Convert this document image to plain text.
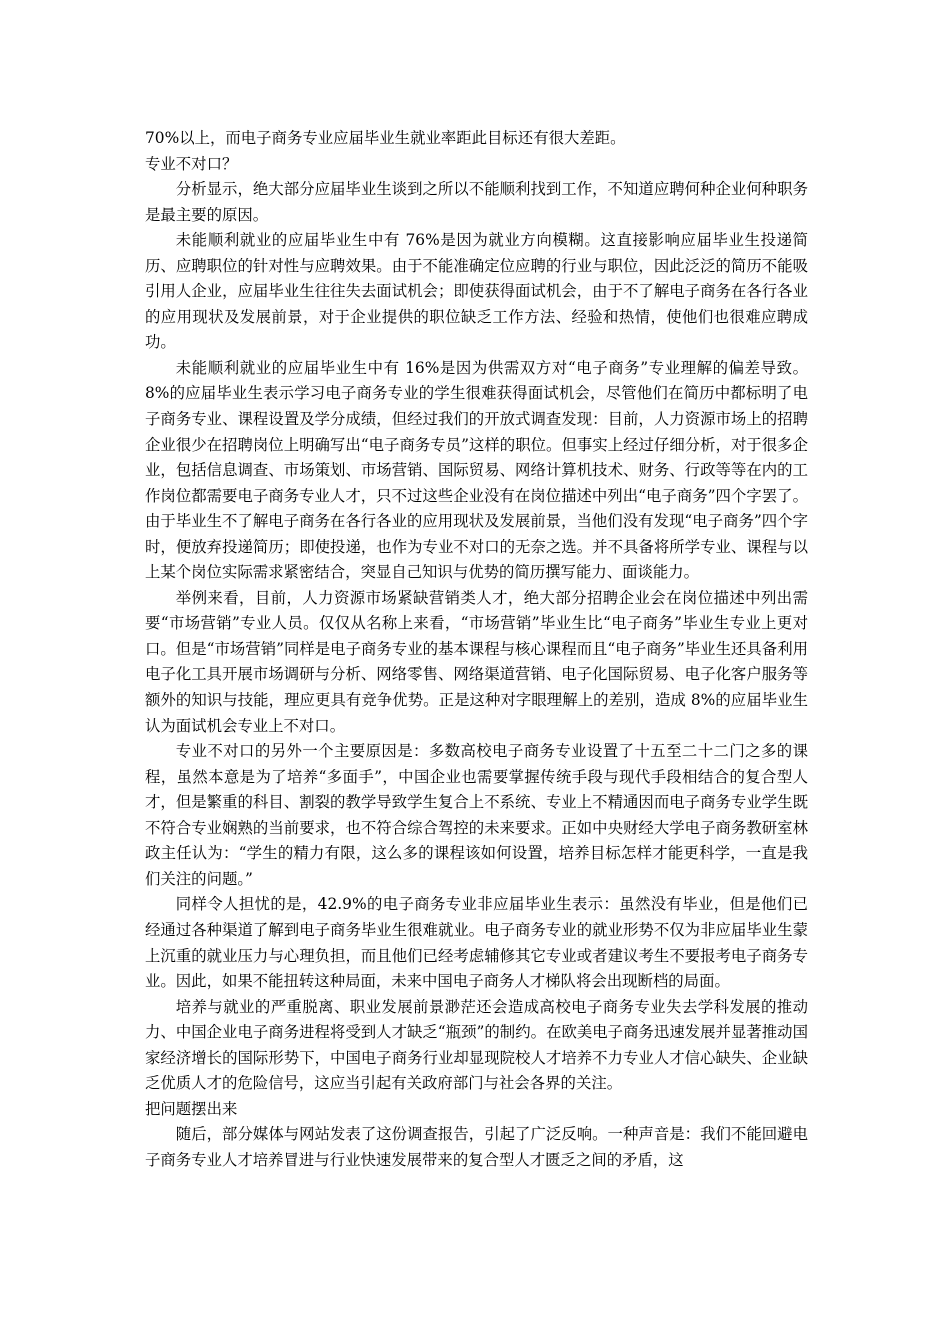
70%以上，而电子商务专业应届毕业生就业率距此目标还有很大差距。

专业不对口？

分析显示，绝大部分应届毕业生谈到之所以不能顺利找到工作，不知道应聘何种企业何种职务是最主要的原因。

未能顺利就业的应届毕业生中有 76%是因为就业方向模糊。这直接影响应届毕业生投递简历、应聘职位的针对性与应聘效果。由于不能准确定位应聘的行业与职位，因此泛泛的简历不能吸引用人企业，应届毕业生往往失去面试机会；即使获得面试机会，由于不了解电子商务在各行各业的应用现状及发展前景，对于企业提供的职位缺乏工作方法、经验和热情，使他们也很难应聘成功。

未能顺利就业的应届毕业生中有 16%是因为供需双方对“电子商务”专业理解的偏差导致。8%的应届毕业生表示学习电子商务专业的学生很难获得面试机会，尽管他们在简历中都标明了电子商务专业、课程设置及学分成绩，但经过我们的开放式调查发现：目前，人力资源市场上的招聘企业很少在招聘岗位上明确写出“电子商务专员”这样的职位。但事实上经过仔细分析，对于很多企业，包括信息调查、市场策划、市场营销、国际贸易、网络计算机技术、财务、行政等等在内的工作岗位都需要电子商务专业人才，只不过这些企业没有在岗位描述中列出“电子商务”四个字罢了。由于毕业生不了解电子商务在各行各业的应用现状及发展前景，当他们没有发现“电子商务”四个字时，便放弃投递简历；即使投递，也作为专业不对口的无奈之选。并不具备将所学专业、课程与以上某个岗位实际需求紧密结合，突显自己知识与优势的简历撰写能力、面谈能力。

举例来看，目前，人力资源市场紧缺营销类人才，绝大部分招聘企业会在岗位描述中列出需要“市场营销”专业人员。仅仅从名称上来看，“市场营销”毕业生比“电子商务”毕业生专业上更对口。但是“市场营销”同样是电子商务专业的基本课程与核心课程而且“电子商务”毕业生还具备利用电子化工具开展市场调研与分析、网络零售、网络渠道营销、电子化国际贸易、电子化客户服务等额外的知识与技能，理应更具有竞争优势。正是这种对字眼理解上的差别，造成 8%的应届毕业生认为面试机会专业上不对口。

专业不对口的另外一个主要原因是：多数高校电子商务专业设置了十五至二十二门之多的课程，虽然本意是为了培养“多面手”，中国企业也需要掌握传统手段与现代手段相结合的复合型人才，但是繁重的科目、割裂的教学导致学生复合上不系统、专业上不精通因而电子商务专业学生既不符合专业娴熟的当前要求，也不符合综合驾控的未来要求。正如中央财经大学电子商务教研室林政主任认为：“学生的精力有限，这么多的课程该如何设置，培养目标怎样才能更科学，一直是我们关注的问题。”

同样令人担忧的是，42.9%的电子商务专业非应届毕业生表示：虽然没有毕业，但是他们已经通过各种渠道了解到电子商务毕业生很难就业。电子商务专业的就业形势不仅为非应届毕业生蒙上沉重的就业压力与心理负担，而且他们已经考虑辅修其它专业或者建议考生不要报考电子商务专业。因此，如果不能扭转这种局面，未来中国电子商务人才梯队将会出现断档的局面。

培养与就业的严重脱离、职业发展前景渺茫还会造成高校电子商务专业失去学科发展的推动力、中国企业电子商务进程将受到人才缺乏“瓶颈”的制约。在欧美电子商务迅速发展并显著推动国家经济增长的国际形势下，中国电子商务行业却显现院校人才培养不力专业人才信心缺失、企业缺乏优质人才的危险信号，这应当引起有关政府部门与社会各界的关注。

把问题摆出来

随后，部分媒体与网站发表了这份调查报告，引起了广泛反响。一种声音是：我们不能回避电子商务专业人才培养冒进与行业快速发展带来的复合型人才匮乏之间的矛盾，这
